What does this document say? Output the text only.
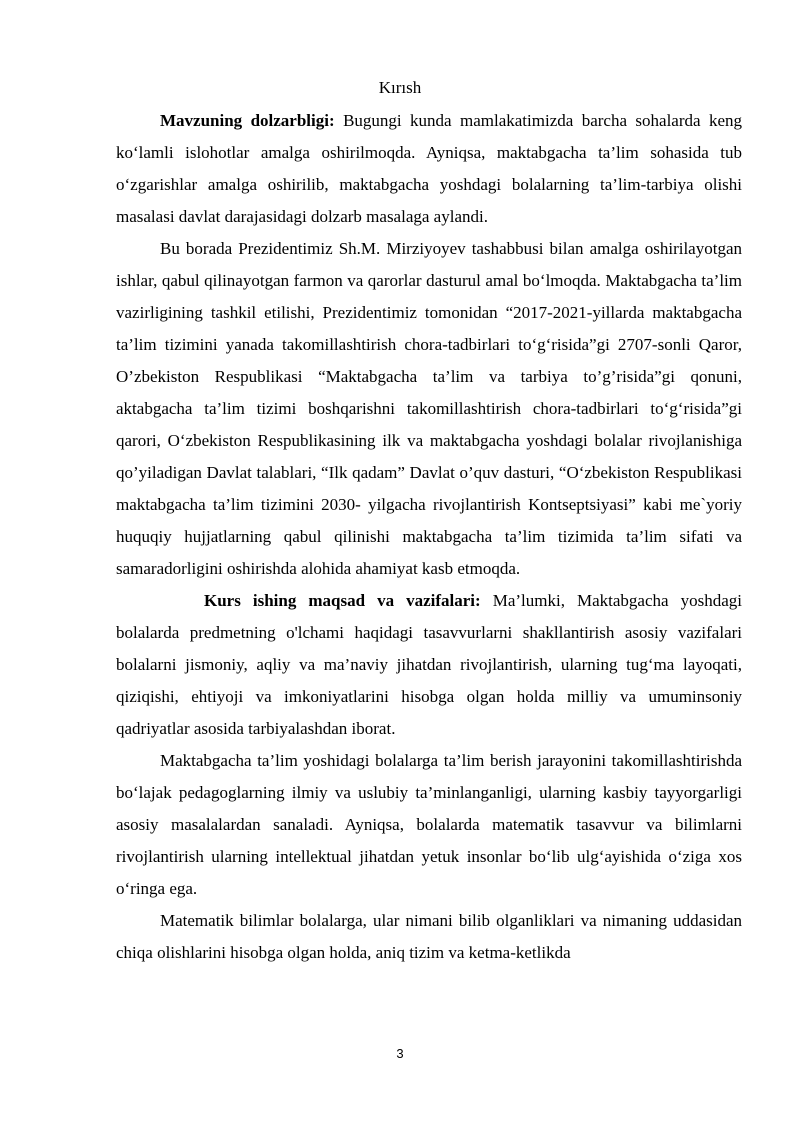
Kırısh

Mavzuning dolzarbligi: Bugungi kunda mamlakatimizda barcha sohalarda keng ko‘lamli islohotlar amalga oshirilmoqda. Ayniqsa, maktabgacha ta’lim sohasida tub o‘zgarishlar amalga oshirilib, maktabgacha yoshdagi bolalarning ta’lim-tarbiya olishi masalasi davlat darajasidagi dolzarb masalaga aylandi.

Bu borada Prezidentimiz Sh.M. Mirziyoyev tashabbusi bilan amalga oshirilayotgan ishlar, qabul qilinayotgan farmon va qarorlar dasturul amal bo‘lmoqda. Maktabgacha ta’lim vazirligining tashkil etilishi, Prezidentimiz tomonidan “2017-2021-yillarda maktabgacha ta’lim tizimini yanada takomillashtirish chora-tadbirlari to‘g‘risida”gi 2707-sonli Qaror, O’zbekiston Respublikasi “Maktabgacha ta’lim va tarbiya to’g’risida”gi qonuni, aktabgacha ta’lim tizimi boshqarishni takomillashtirish chora-tadbirlari to‘g‘risida”gi qarori, O‘zbekiston Respublikasining ilk va maktabgacha yoshdagi bolalar rivojlanishiga qo’yiladigan Davlat talablari, “Ilk qadam” Davlat o’quv dasturi, “O‘zbekiston Respublikasi maktabgacha ta’lim tizimini 2030- yilgacha rivojlantirish Kontseptsiyasi” kabi me`yoriy huquqiy hujjatlarning qabul qilinishi maktabgacha ta’lim tizimida ta’lim sifati va samaradorligini oshirishda alohida ahamiyat kasb etmoqda.

Kurs ishing maqsad va vazifalari: Ma’lumki, Maktabgacha yoshdagi bolalarda predmetning o'lchami haqidagi tasavvurlarni shakllantirish asosiy vazifalari bolalarni jismoniy, aqliy va ma’naviy jihatdan rivojlantirish, ularning tug‘ma layoqati, qiziqishi, ehtiyoji va imkoniyatlarini hisobga olgan holda milliy va umuminsoniy qadriyatlar asosida tarbiyalashdan iborat.

Maktabgacha ta’lim yoshidagi bolalarga ta’lim berish jarayonini takomillashtirishda bo‘lajak pedagoglarning ilmiy va uslubiy ta’minlanganligi, ularning kasbiy tayyorgarligi asosiy masalalardan sanaladi. Ayniqsa, bolalarda matematik tasavvur va bilimlarni rivojlantirish ularning intellektual jihatdan yetuk insonlar bo‘lib ulg‘ayishida o‘ziga xos o‘ringa ega.

Matematik bilimlar bolalarga, ular nimani bilib olganliklari va nimaning uddasidan chiqa olishlarini hisobga olgan holda, aniq tizim va ketma-ketlikda

3
